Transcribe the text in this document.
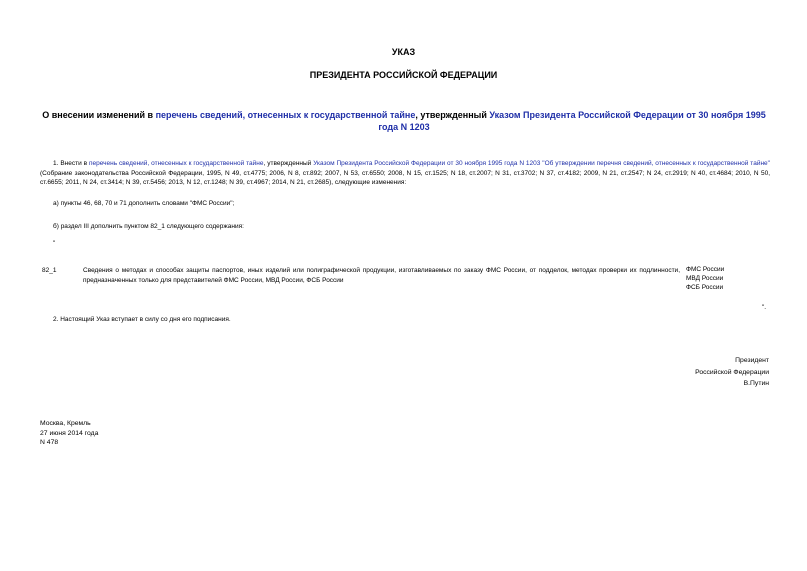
УКАЗ
ПРЕЗИДЕНТА РОССИЙСКОЙ ФЕДЕРАЦИИ
О внесении изменений в перечень сведений, отнесенных к государственной тайне, утвержденный Указом Президента Российской Федерации от 30 ноября 1995 года N 1203
1. Внести в перечень сведений, отнесенных к государственной тайне, утвержденный Указом Президента Российской Федерации от 30 ноября 1995 года N 1203 "Об утверждении перечня сведений, отнесенных к государственной тайне" (Собрание законодательства Российской Федерации, 1995, N 49, ст.4775; 2006, N 8, ст.892; 2007, N 53, ст.6550; 2008, N 15, ст.1525; N 18, ст.2007; N 31, ст.3702; N 37, ст.4182; 2009, N 21, ст.2547; N 24, ст.2919; N 40, ст.4684; 2010, N 50, ст.6655; 2011, N 24, ст.3414; N 39, ст.5456; 2013, N 12, ст.1248; N 39, ст.4967; 2014, N 21, ст.2685), следующие изменения:
а) пункты 46, 68, 70 и 71 дополнить словами "ФМС России";
б) раздел III дополнить пунктом 82_1 следующего содержания:
"
82_1	Сведения о методах и способах защиты паспортов, иных изделий или полиграфической продукции, изготавливаемых по заказу ФМС России, от подделок, методах проверки их подлинности, предназначенных только для представителей ФМС России, МВД России, ФСБ России
ФМС России
МВД России
ФСБ России
".
2. Настоящий Указ вступает в силу со дня его подписания.
Президент
Российской Федерации
В.Путин
Москва, Кремль
27 июня 2014 года
N 478
